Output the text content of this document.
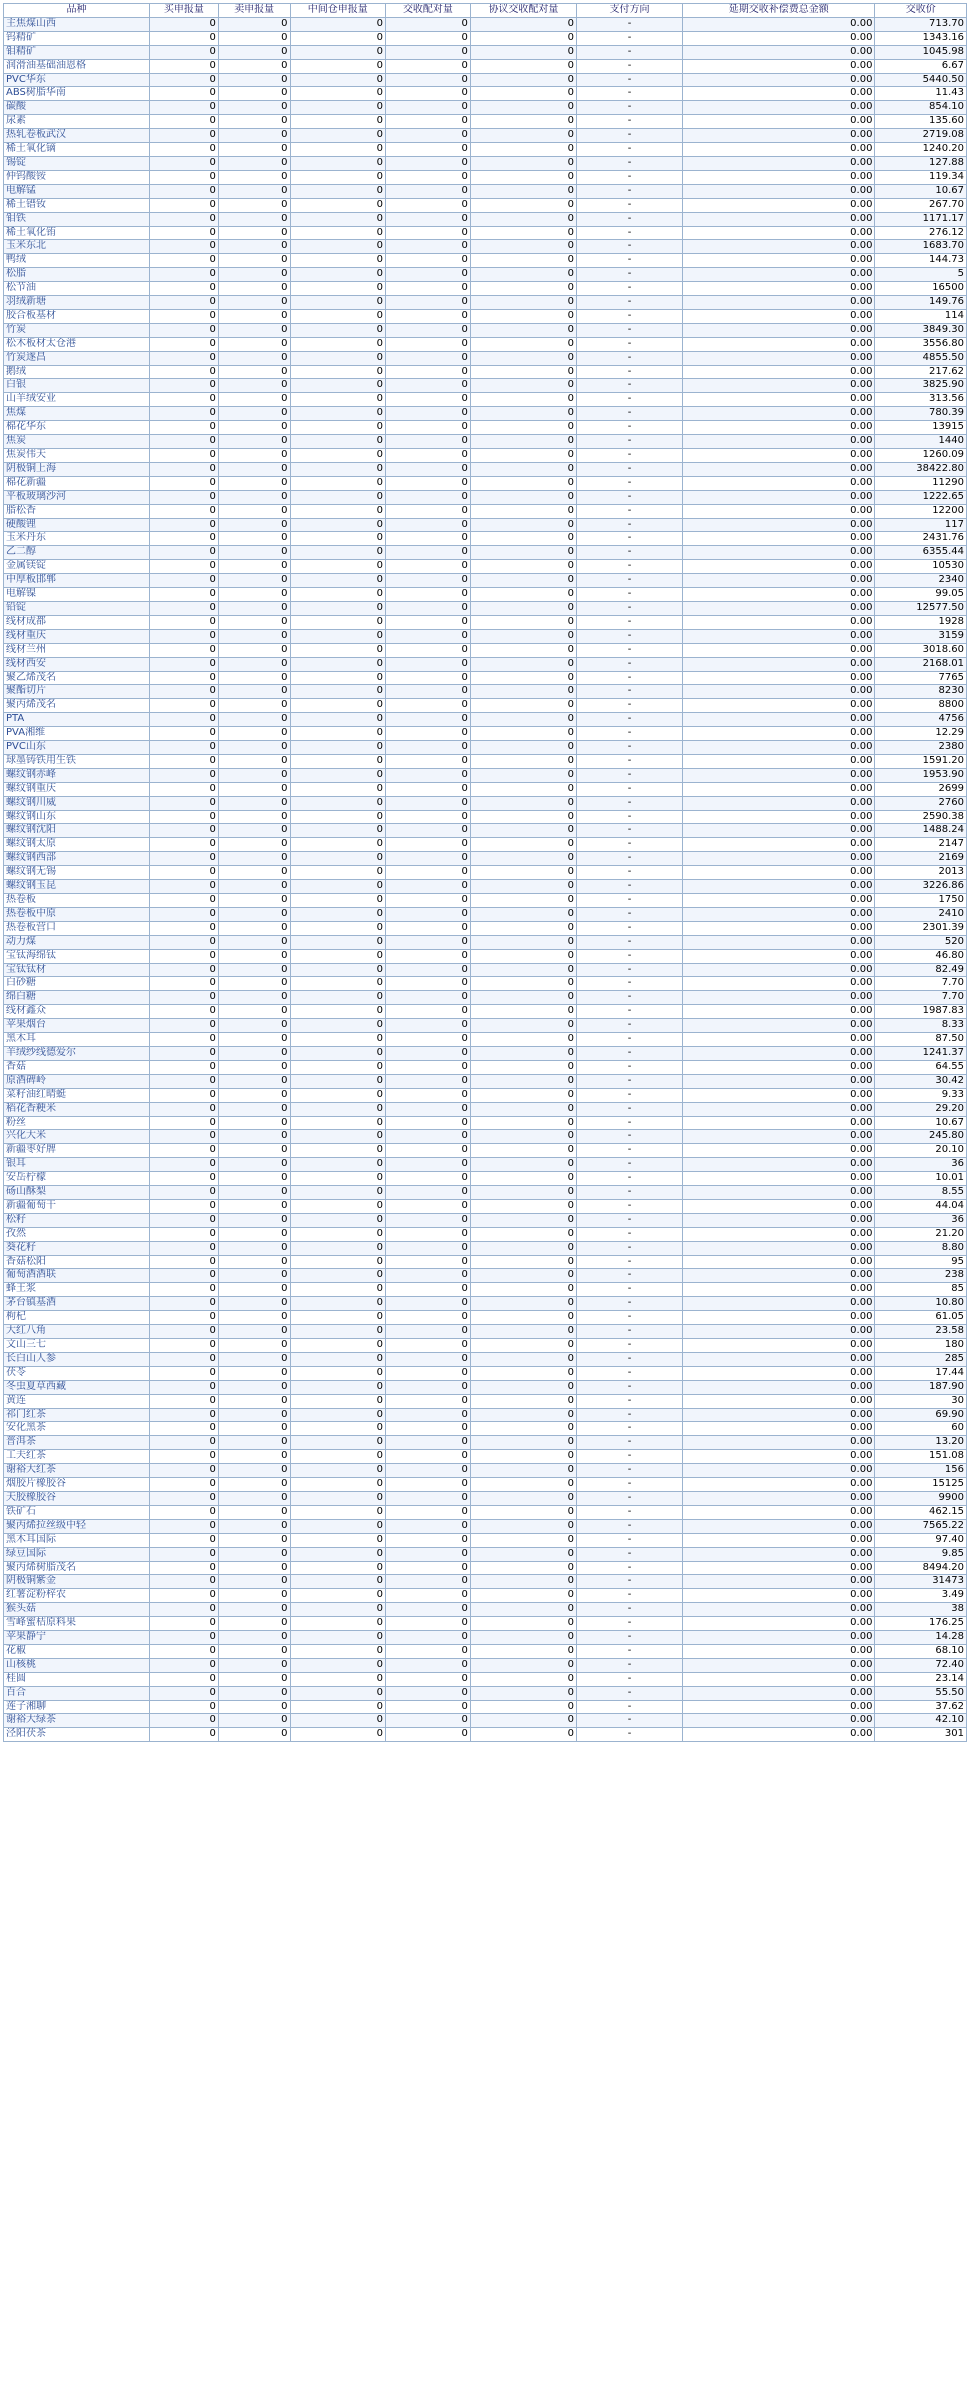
品种	买申报量	卖申报量	中间仓申报量	交收配对量	协议交收配对量	支付方向	延期交收补偿费总金额	交收价
主焦煤山西	0	0	0	0	0	-	0.00	713.70
钨精矿	0	0	0	0	0	-	0.00	1343.16
钼精矿	0	0	0	0	0	-	0.00	1045.98
润滑油基础油恩格	0	0	0	0	0	-	0.00	6.67
PVC华东	0	0	0	0	0	-	0.00	5440.50
ABS树脂华南	0	0	0	0	0	-	0.00	11.43
碳酸	0	0	0	0	0	-	0.00	854.10
尿素	0	0	0	0	0	-	0.00	135.60
热轧卷板武汉	0	0	0	0	0	-	0.00	2719.08
稀土氧化镝	0	0	0	0	0	-	0.00	1240.20
锡锭	0	0	0	0	0	-	0.00	127.88
仲钨酸铵	0	0	0	0	0	-	0.00	119.34
电解锰	0	0	0	0	0	-	0.00	10.67
稀土镨钕	0	0	0	0	0	-	0.00	267.70
钼铁	0	0	0	0	0	-	0.00	1171.17
稀土氧化铕	0	0	0	0	0	-	0.00	276.12
玉米东北	0	0	0	0	0	-	0.00	1683.70
鸭绒	0	0	0	0	0	-	0.00	144.73
松脂	0	0	0	0	0	-	0.00	5
松节油	0	0	0	0	0	-	0.00	16500
羽绒新塘	0	0	0	0	0	-	0.00	149.76
胶合板基材	0	0	0	0	0	-	0.00	114
竹炭	0	0	0	0	0	-	0.00	3849.30
松木板材太仓港	0	0	0	0	0	-	0.00	3556.80
竹炭遂昌	0	0	0	0	0	-	0.00	4855.50
鹅绒	0	0	0	0	0	-	0.00	217.62
白银	0	0	0	0	0	-	0.00	3825.90
山羊绒安业	0	0	0	0	0	-	0.00	313.56
焦煤	0	0	0	0	0	-	0.00	780.39
棉花华东	0	0	0	0	0	-	0.00	13915
焦炭	0	0	0	0	0	-	0.00	1440
焦炭伟天	0	0	0	0	0	-	0.00	1260.09
阴极铜上海	0	0	0	0	0	-	0.00	38422.80
棉花新疆	0	0	0	0	0	-	0.00	11290
平板玻璃沙河	0	0	0	0	0	-	0.00	1222.65
脂松香	0	0	0	0	0	-	0.00	12200
硬酸锂	0	0	0	0	0	-	0.00	117
玉米丹东	0	0	0	0	0	-	0.00	2431.76
乙二醇	0	0	0	0	0	-	0.00	6355.44
金属镁锭	0	0	0	0	0	-	0.00	10530
中厚板邯郸	0	0	0	0	0	-	0.00	2340
电解镍	0	0	0	0	0	-	0.00	99.05
铅锭	0	0	0	0	0	-	0.00	12577.50
线材成都	0	0	0	0	0	-	0.00	1928
线材重庆	0	0	0	0	0	-	0.00	3159
线材兰州	0	0	0	0	0	-	0.00	3018.60
线材西安	0	0	0	0	0	-	0.00	2168.01
聚乙烯茂名	0	0	0	0	0	-	0.00	7765
聚酯切片	0	0	0	0	0	-	0.00	8230
聚丙烯茂名	0	0	0	0	0	-	0.00	8800
PTA	0	0	0	0	0	-	0.00	4756
PVA湘维	0	0	0	0	0	-	0.00	12.29
PVC山东	0	0	0	0	0	-	0.00	2380
球墨铸铁用生铁	0	0	0	0	0	-	0.00	1591.20
螺纹钢赤峰	0	0	0	0	0	-	0.00	1953.90
螺纹钢重庆	0	0	0	0	0	-	0.00	2699
螺纹钢川威	0	0	0	0	0	-	0.00	2760
螺纹钢山东	0	0	0	0	0	-	0.00	2590.38
螺纹钢沈阳	0	0	0	0	0	-	0.00	1488.24
螺纹钢太原	0	0	0	0	0	-	0.00	2147
螺纹钢西部	0	0	0	0	0	-	0.00	2169
螺纹钢无锡	0	0	0	0	0	-	0.00	2013
螺纹钢玉昆	0	0	0	0	0	-	0.00	3226.86
热卷板	0	0	0	0	0	-	0.00	1750
热卷板中原	0	0	0	0	0	-	0.00	2410
热卷板营口	0	0	0	0	0	-	0.00	2301.39
动力煤	0	0	0	0	0	-	0.00	520
宝钛海绵钛	0	0	0	0	0	-	0.00	46.80
宝钛钛材	0	0	0	0	0	-	0.00	82.49
白砂糖	0	0	0	0	0	-	0.00	7.70
绵白糖	0	0	0	0	0	-	0.00	7.70
线材鑫众	0	0	0	0	0	-	0.00	1987.83
苹果烟台	0	0	0	0	0	-	0.00	8.33
黑木耳	0	0	0	0	0	-	0.00	87.50
羊绒纱线德爱尔	0	0	0	0	0	-	0.00	1241.37
香菇	0	0	0	0	0	-	0.00	64.55
原酒碑岭	0	0	0	0	0	-	0.00	30.42
菜籽油红晴蜓	0	0	0	0	0	-	0.00	9.33
稻花香粳米	0	0	0	0	0	-	0.00	29.20
粉丝	0	0	0	0	0	-	0.00	10.67
兴化大米	0	0	0	0	0	-	0.00	245.80
新疆枣好牌	0	0	0	0	0	-	0.00	20.10
银耳	0	0	0	0	0	-	0.00	36
安岳柠檬	0	0	0	0	0	-	0.00	10.01
砀山酥梨	0	0	0	0	0	-	0.00	8.55
新疆葡萄干	0	0	0	0	0	-	0.00	44.04
松籽	0	0	0	0	0	-	0.00	36
孜然	0	0	0	0	0	-	0.00	21.20
葵花籽	0	0	0	0	0	-	0.00	8.80
香菇松阳	0	0	0	0	0	-	0.00	95
葡萄酒酒联	0	0	0	0	0	-	0.00	238
蜂王浆	0	0	0	0	0	-	0.00	85
茅台镇基酒	0	0	0	0	0	-	0.00	10.80
枸杞	0	0	0	0	0	-	0.00	61.05
大红八角	0	0	0	0	0	-	0.00	23.58
文山三七	0	0	0	0	0	-	0.00	180
长白山人参	0	0	0	0	0	-	0.00	285
茯苓	0	0	0	0	0	-	0.00	17.44
冬虫夏草西藏	0	0	0	0	0	-	0.00	187.90
黄连	0	0	0	0	0	-	0.00	30
祁门红茶	0	0	0	0	0	-	0.00	69.90
安化黑茶	0	0	0	0	0	-	0.00	60
普洱茶	0	0	0	0	0	-	0.00	13.20
工夫红茶	0	0	0	0	0	-	0.00	151.08
谢裕大红茶	0	0	0	0	0	-	0.00	156
烟胶片橡胶谷	0	0	0	0	0	-	0.00	15125
天胶橡胶谷	0	0	0	0	0	-	0.00	9900
铁矿石	0	0	0	0	0	-	0.00	462.15
聚丙烯拉丝级中轻	0	0	0	0	0	-	0.00	7565.22
黑木耳国际	0	0	0	0	0	-	0.00	97.40
绿豆国际	0	0	0	0	0	-	0.00	9.85
聚丙烯树脂茂名	0	0	0	0	0	-	0.00	8494.20
阴极铜紫金	0	0	0	0	0	-	0.00	31473
红薯淀粉梓农	0	0	0	0	0	-	0.00	3.49
猴头菇	0	0	0	0	0	-	0.00	38
雪峰蜜桔原料果	0	0	0	0	0	-	0.00	176.25
苹果静宁	0	0	0	0	0	-	0.00	14.28
花椒	0	0	0	0	0	-	0.00	68.10
山核桃	0	0	0	0	0	-	0.00	72.40
桂圆	0	0	0	0	0	-	0.00	23.14
百合	0	0	0	0	0	-	0.00	55.50
莲子湘聊	0	0	0	0	0	-	0.00	37.62
谢裕大绿茶	0	0	0	0	0	-	0.00	42.10
泾阳茯茶	0	0	0	0	0	-	0.00	301
